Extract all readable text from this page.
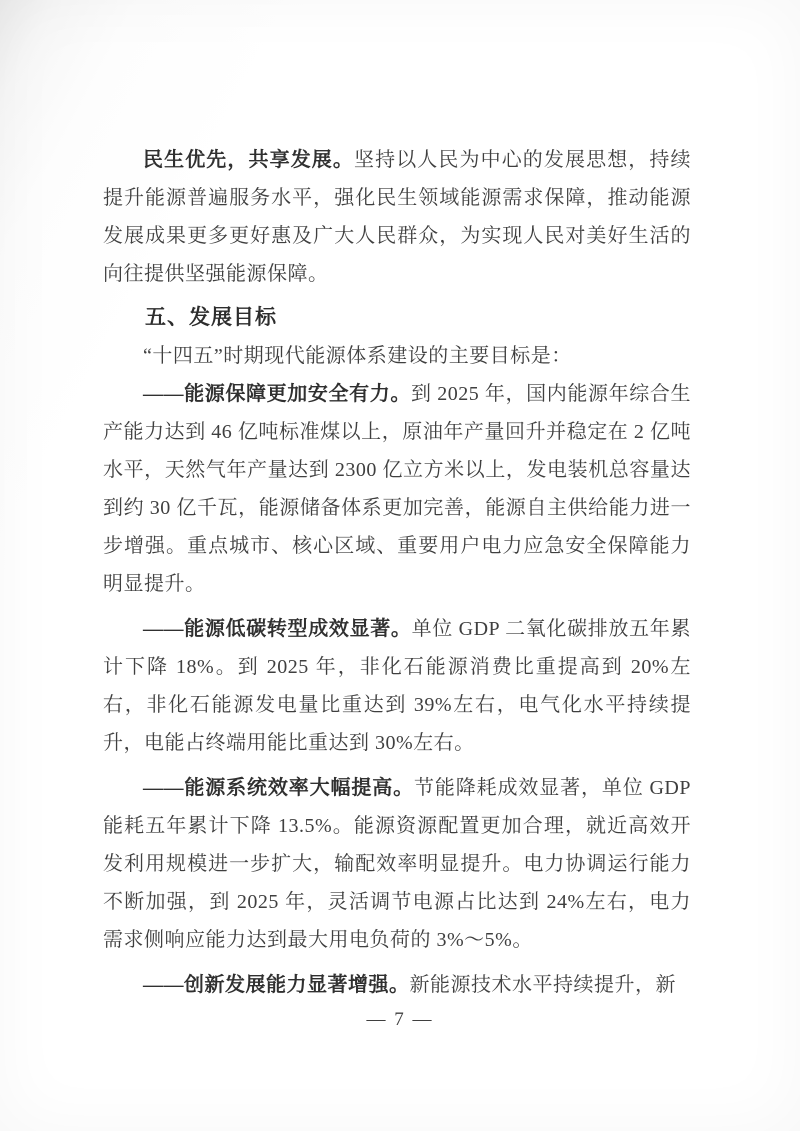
民生优先，共享发展。坚持以人民为中心的发展思想，持续提升能源普遍服务水平，强化民生领域能源需求保障，推动能源发展成果更多更好惠及广大人民群众，为实现人民对美好生活的向往提供坚强能源保障。

五、发展目标

“十四五”时期现代能源体系建设的主要目标是：

——能源保障更加安全有力。到 2025 年，国内能源年综合生产能力达到 46 亿吨标准煤以上，原油年产量回升并稳定在 2 亿吨水平，天然气年产量达到 2300 亿立方米以上，发电装机总容量达到约 30 亿千瓦，能源储备体系更加完善，能源自主供给能力进一步增强。重点城市、核心区域、重要用户电力应急安全保障能力明显提升。

——能源低碳转型成效显著。单位 GDP 二氧化碳排放五年累计下降 18%。到 2025 年，非化石能源消费比重提高到 20%左右，非化石能源发电量比重达到 39%左右，电气化水平持续提升，电能占终端用能比重达到 30%左右。

——能源系统效率大幅提高。节能降耗成效显著，单位 GDP 能耗五年累计下降 13.5%。能源资源配置更加合理，就近高效开发利用规模进一步扩大，输配效率明显提升。电力协调运行能力不断加强，到 2025 年，灵活调节电源占比达到 24%左右，电力需求侧响应能力达到最大用电负荷的 3%～5%。

——创新发展能力显著增强。新能源技术水平持续提升，新

— 7 —
